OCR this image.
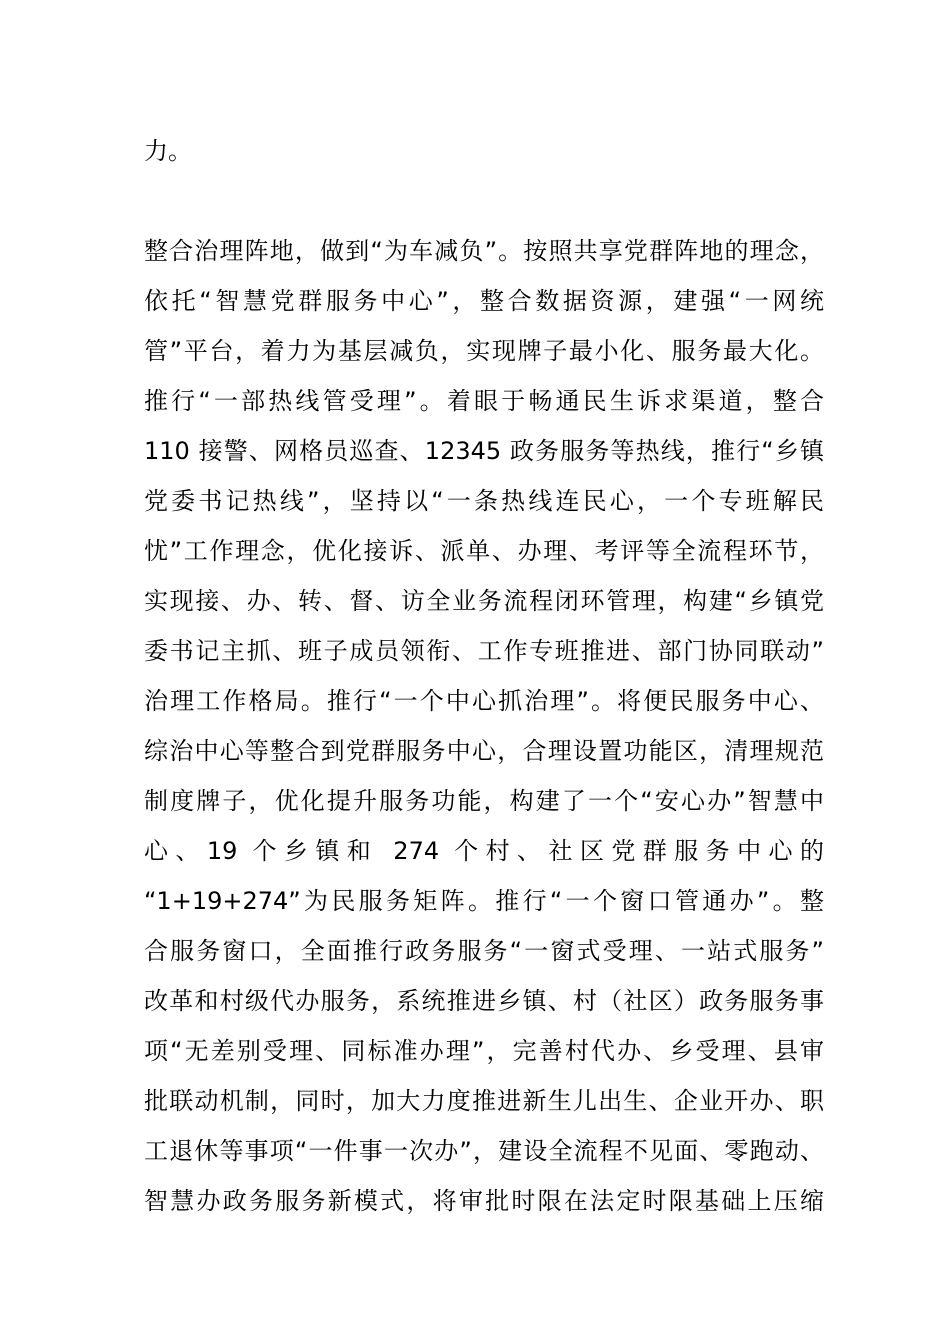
力。
整合治理阵地，做到“为车减负”。按照共享党群阵地的理念，
依托“智慧党群服务中心”，整合数据资源，建强“一网统
管”平台，着力为基层减负，实现牌子最小化、服务最大化。
推行“一部热线管受理”。着眼于畅通民生诉求渠道，整合
110 接警、网格员巡查、12345 政务服务等热线，推行“乡镇
党委书记热线”，坚持以“一条热线连民心，一个专班解民
忧”工作理念，优化接诉、派单、办理、考评等全流程环节，
实现接、办、转、督、访全业务流程闭环管理，构建“乡镇党
委书记主抓、班子成员领衔、工作专班推进、部门协同联动”
治理工作格局。推行“一个中心抓治理”。将便民服务中心、
综治中心等整合到党群服务中心，合理设置功能区，清理规范
制度牌子，优化提升服务功能，构建了一个“安心办”智慧中
心、19 个乡镇和 274 个村、社区党群服务中心的
“1+19+274”为民服务矩阵。推行“一个窗口管通办”。整
合服务窗口，全面推行政务服务“一窗式受理、一站式服务”
改革和村级代办服务，系统推进乡镇、村（社区）政务服务事
项“无差别受理、同标准办理”，完善村代办、乡受理、县审
批联动机制，同时，加大力度推进新生儿出生、企业开办、职
工退休等事项“一件事一次办”，建设全流程不见面、零跑动、
智慧办政务服务新模式，将审批时限在法定时限基础上压缩
